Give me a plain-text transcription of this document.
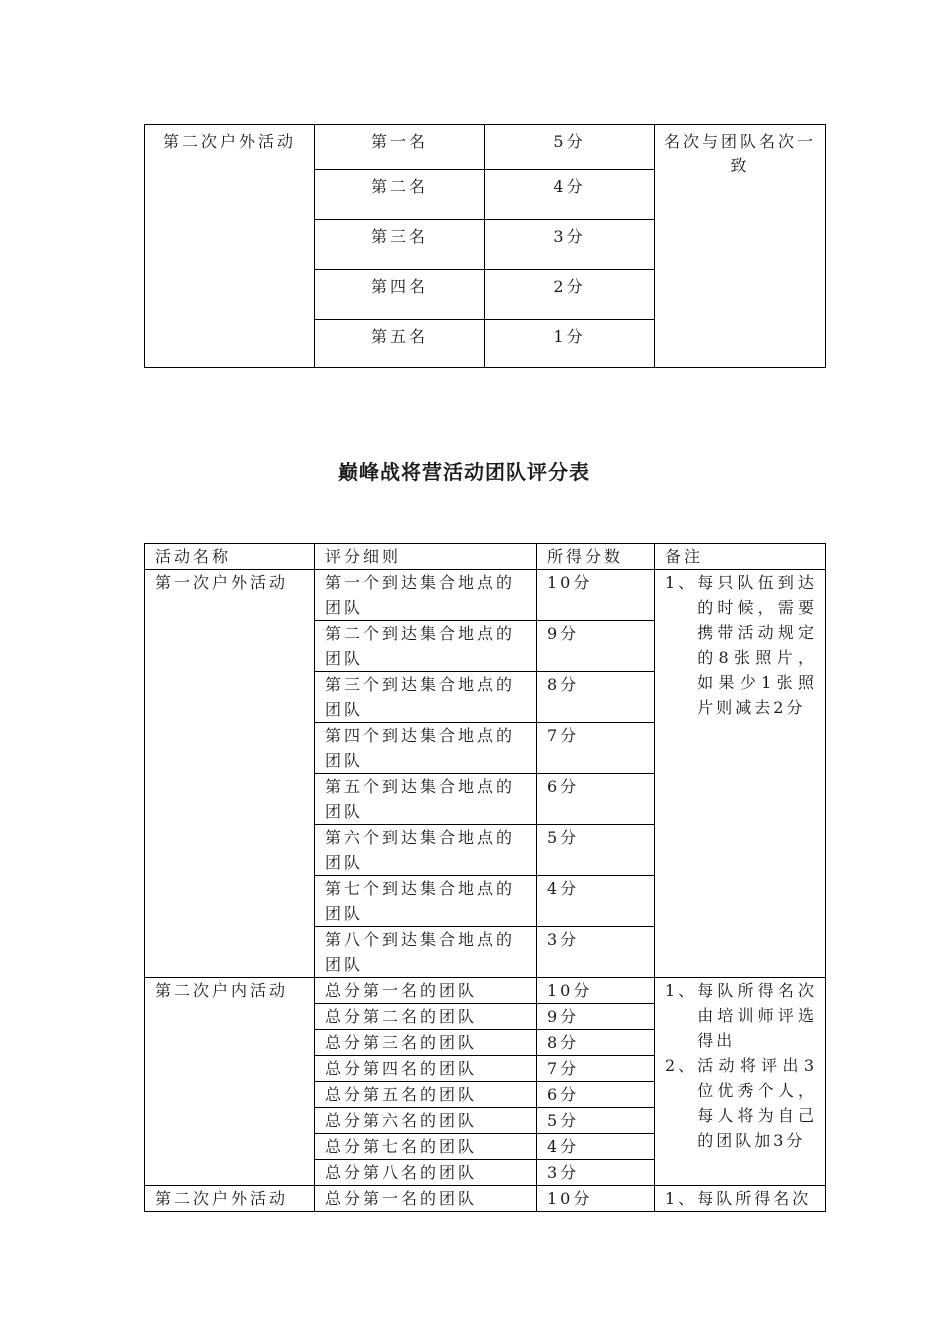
第二次户外活动	第一名	5分	名次与团队名次一致
	第二名	4分	
	第三名	3分	
	第四名	2分	
	第五名	1分	
巅峰战将营活动团队评分表
活动名称	评分细则	所得分数	备注
第一次户外活动	第一个到达集合地点的团队	10分	1、 每只队伍到达的时候，需要携带活动规定的8张照片，如果少1张照片则减去2分

	第二个到达集合地点的团队	9分	
	第三个到达集合地点的团队	8分	
	第四个到达集合地点的团队	7分	
	第五个到达集合地点的团队	6分	
	第六个到达集合地点的团队	5分	
	第七个到达集合地点的团队	4分	
	第八个到达集合地点的团队	3分	
第二次户内活动	总分第一名的团队	10分	1、 每队所得名次由培训师评选得出
2、 活动将评出3位优秀个人，每人将为自己的团队加3分

	总分第二名的团队	9分	
	总分第三名的团队	8分	
	总分第四名的团队	7分	
	总分第五名的团队	6分	
	总分第六名的团队	5分	
	总分第七名的团队	4分	
	总分第八名的团队	3分	
第二次户外活动	总分第一名的团队	10分	1、 每队所得名次
